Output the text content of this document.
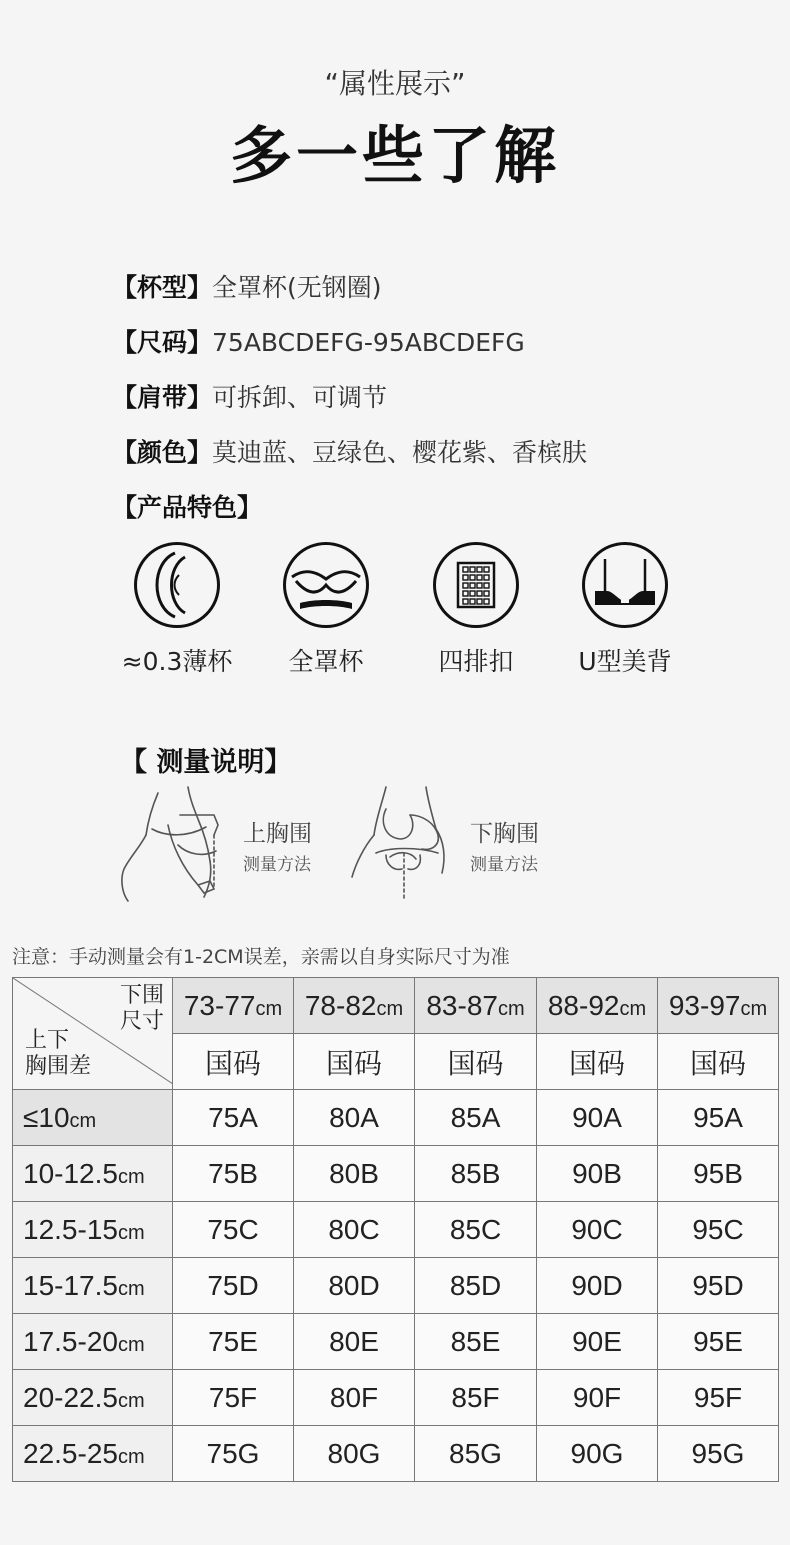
“属性展示”
多一些了解
【杯型】全罩杯(无钢圈)
【尺码】75ABCDEFG-95ABCDEFG
【肩带】可拆卸、可调节
【颜色】莫迪蓝、豆绿色、樱花紫、香槟肤
【产品特色】
≈0.3薄杯	全罩杯	四排扣	U型美背
【 测量说明】
上胸围
测量方法
下胸围
测量方法
注意：手动测量会有1-2CM误差，亲需以自身实际尺寸为准
下围
尺寸
上下
胸围差	73-77cm	78-82cm	83-87cm	88-92cm	93-97cm
	国码	国码	国码	国码	国码
≤10cm	75A	80A	85A	90A	95A
10-12.5cm	75B	80B	85B	90B	95B
12.5-15cm	75C	80C	85C	90C	95C
15-17.5cm	75D	80D	85D	90D	95D
17.5-20cm	75E	80E	85E	90E	95E
20-22.5cm	75F	80F	85F	90F	95F
22.5-25cm	75G	80G	85G	90G	95G
